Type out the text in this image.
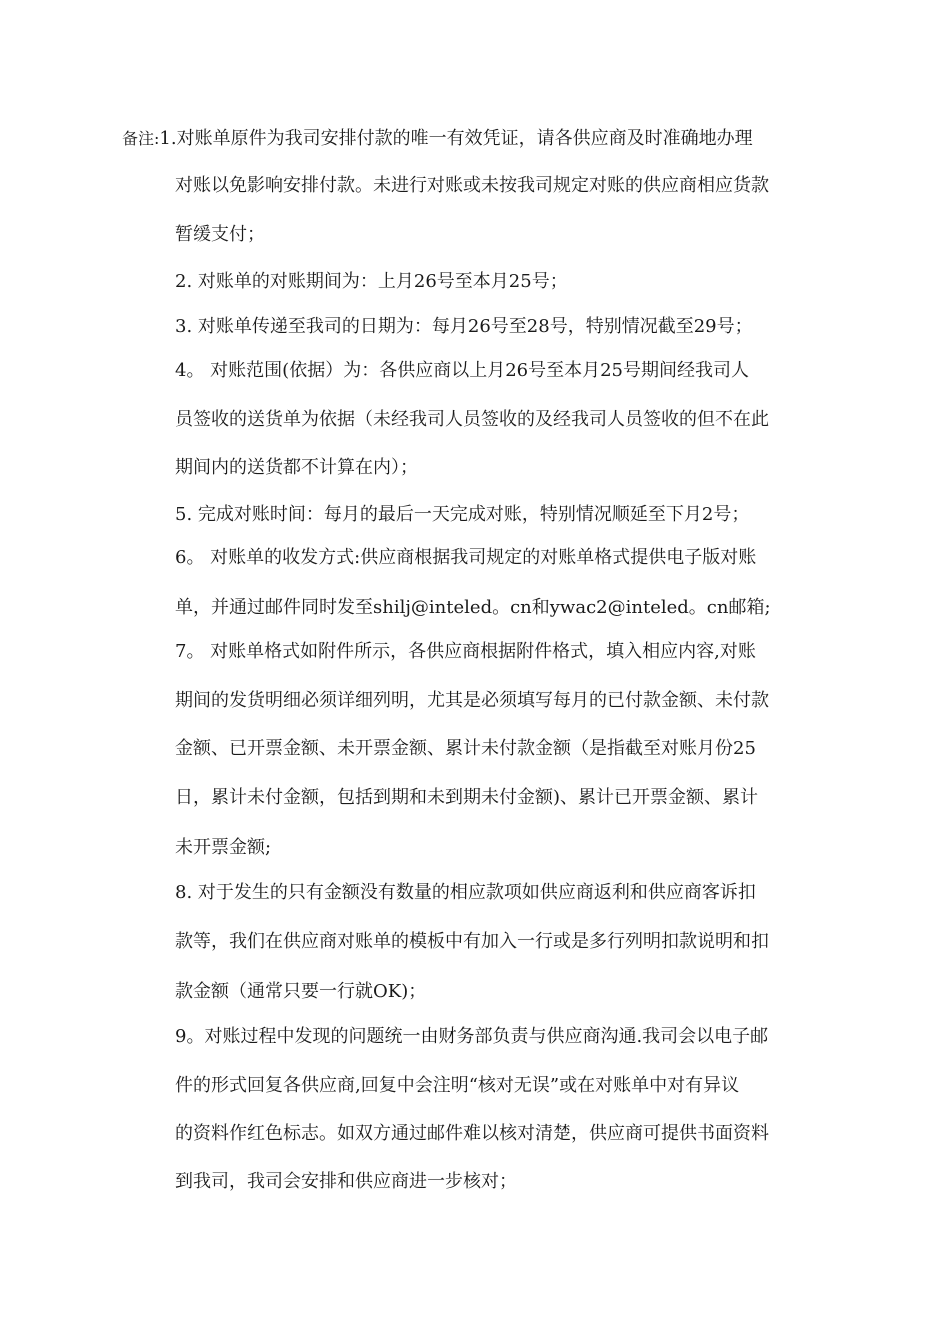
备注:1.对账单原件为我司安排付款的唯一有效凭证，请各供应商及时准确地办理
对账以免影响安排付款。未进行对账或未按我司规定对账的供应商相应货款
暂缓支付；
2. 对账单的对账期间为：上月26号至本月25号；
3. 对账单传递至我司的日期为：每月26号至28号，特别情况截至29号；
4。 对账范围(依据）为：各供应商以上月26号至本月25号期间经我司人
员签收的送货单为依据（未经我司人员签收的及经我司人员签收的但不在此
期间内的送货都不计算在内）；
5. 完成对账时间：每月的最后一天完成对账，特别情况顺延至下月2号；
6。 对账单的收发方式:供应商根据我司规定的对账单格式提供电子版对账
单，并通过邮件同时发至shilj@inteled。cn和ywac2@inteled。cn邮箱;
7。 对账单格式如附件所示，各供应商根据附件格式，填入相应内容,对账
期间的发货明细必须详细列明，尤其是必须填写每月的已付款金额、未付款
金额、已开票金额、未开票金额、累计未付款金额（是指截至对账月份25
日，累计未付金额，包括到期和未到期未付金额)、累计已开票金额、累计
未开票金额;
8. 对于发生的只有金额没有数量的相应款项如供应商返利和供应商客诉扣
款等，我们在供应商对账单的模板中有加入一行或是多行列明扣款说明和扣
款金额（通常只要一行就OK)；
9。对账过程中发现的问题统一由财务部负责与供应商沟通.我司会以电子邮
件的形式回复各供应商,回复中会注明“核对无误”或在对账单中对有异议
的资料作红色标志。如双方通过邮件难以核对清楚，供应商可提供书面资料
到我司，我司会安排和供应商进一步核对；
